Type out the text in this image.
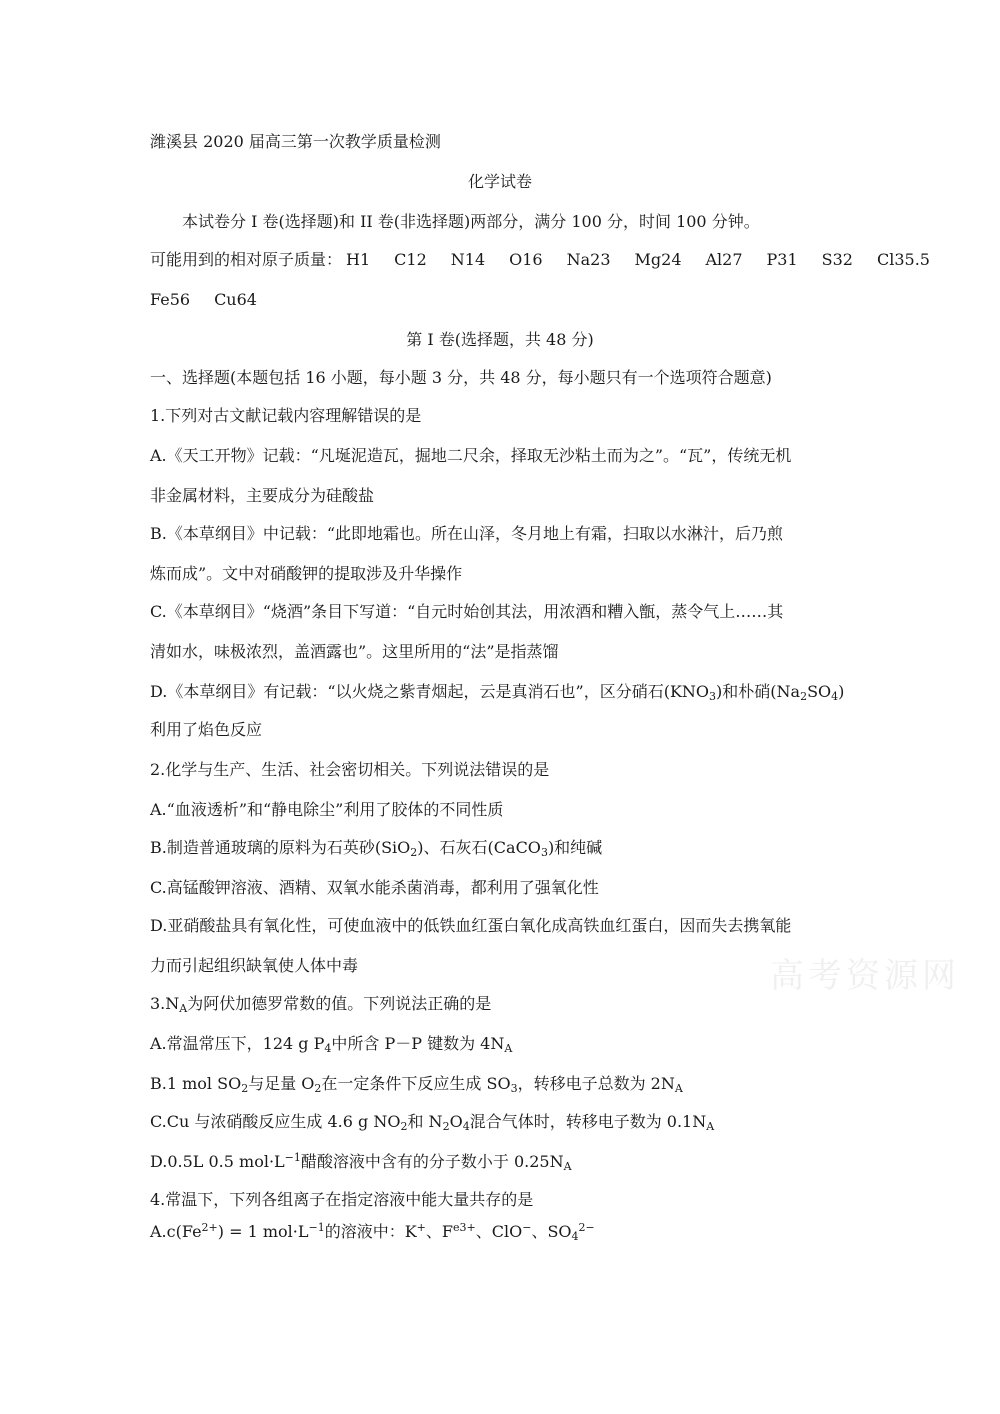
潍溪县 2020 届高三第一次教学质量检测
化学试卷
本试卷分 I 卷(选择题)和 II 卷(非选择题)两部分，满分 100 分，时间 100 分钟。
可能用到的相对原子质量： H1 C12 N14 O16 Na23 Mg24 Al27 P31 S32 Cl35.5
Fe56 Cu64
第 I 卷(选择题，共 48 分)
一、选择题(本题包括 16 小题，每小题 3 分，共 48 分，每小题只有一个选项符合题意)
1.下列对古文献记载内容理解错误的是
A.《天工开物》记载：“凡埏泥造瓦，掘地二尺余，择取无沙粘土而为之”。“瓦”，传统无机
非金属材料，主要成分为硅酸盐
B.《本草纲目》中记载：“此即地霜也。所在山泽，冬月地上有霜，扫取以水淋汁，后乃煎
炼而成”。文中对硝酸钾的提取涉及升华操作
C.《本草纲目》“烧酒”条目下写道：“自元时始创其法，用浓酒和糟入甑，蒸令气上……其
清如水，味极浓烈，盖酒露也”。这里所用的“法”是指蒸馏
D.《本草纲目》有记载：“以火烧之紫青烟起，云是真消石也”，区分硝石$(KNO_3)$和朴硝$(Na_2SO_4)$
利用了焰色反应
2.化学与生产、生活、社会密切相关。下列说法错误的是
A.“血液透析”和“静电除尘”利用了胶体的不同性质
B.制造普通玻璃的原料为石英砂(SiO$_2$)、石灰石(CaCO$_3$)和纯碱
C.高锰酸钾溶液、酒精、双氧水能杀菌消毒，都利用了强氧化性
D.亚硝酸盐具有氧化性，可使血液中的低铁血红蛋白氧化成高铁血红蛋白，因而失去携氧能
力而引起组织缺氧使人体中毒
$3.N_A$为阿伏加德罗常数的值。下列说法正确的是
A.常温常压下，124 g $P_4$中所含 P－P 键数为 $4N_A$
B.1 mol $SO_2$与足量 $O_2$在一定条件下反应生成 $SO_3$，转移电子总数为 $2N_A$
C.Cu 与浓硝酸反应生成 4.6 g $NO_2$和 $N_2O_4$混合气体时，转移电子数为 $0.1N_A$
D.0.5L 0.5 $mol\cdot L^{-1}$醋酸溶液中含有的分子数小于 $0.25N_A$
4.常温下，下列各组离子在指定溶液中能大量共存的是
$A.c(Fe^{2+}) = 1$ $mol\cdot L^{-1}$的溶液中：K+、$F^{e3+}$、ClO−、$SO_4^{2-}$
高考资源网
